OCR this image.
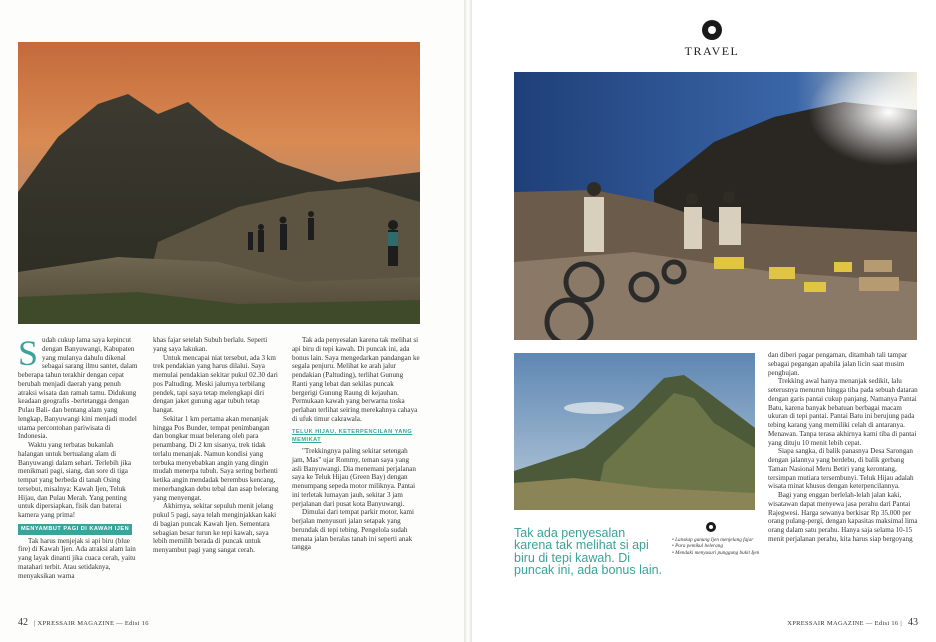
Sudah cukup lama saya kepincut dengan Banyuwangi, Kabupaten yang mulanya dahulu dikenal sebagai sarang ilmu santet, dalam beberapa tahun terakhir dengan cepat berubah menjadi daerah yang penuh atraksi wisata dan ramah tamu. Didukung keadaan geografis -bertetangga dengan Pulau Bali- dan bentang alam yang lengkap, Banyuwangi kini menjadi model utama percontohan pariwisata di Indonesia.

Waktu yang terbatas bukanlah halangan untuk bertualang alam di Banyuwangi dalam sehari. Terlebih jika menikmati pagi, siang, dan sore di tiga tempat yang berbeda di tanah Osing tersebut, misalnya: Kawah Ijen, Teluk Hijau, dan Pulau Merah. Yang penting untuk dipersiapkan, fisik dan baterai kamera yang prima!

MENYAMBUT PAGI DI KAWAH IJEN

Tak harus menjejak si api biru (blue fire) di Kawah Ijen. Ada atraksi alam lain yang layak dinanti jika cuaca cerah, yaitu matahari terbit. Atau setidaknya, menyaksikan warna

khas fajar setelah Subuh berlalu. Seperti yang saya lakukan.

Untuk mencapai niat tersebut, ada 3 km trek pendakian yang harus dilalui. Saya memulai pendakian sekitar pukul 02.30 dari pos Paltuding. Meski jalurnya terbilang pendek, tapi saya tetap melengkapi diri dengan jaket gunung agar tubuh tetap hangat.

Sekitar 1 km pertama akan menanjak hingga Pos Bunder, tempat penimbangan dan bongkar muat belerang oleh para penambang. Di 2 km sisanya, trek tidak terlalu menanjak. Namun kondisi yang terbuka menyebabkan angin yang dingin mudah menerpa tubuh. Saya sering berhenti ketika angin mendadak berembus kencang, menerbangkan debu tebal dan asap belerang yang menyengat.

Akhirnya, sekitar sepuluh menit jelang pukul 5 pagi, saya telah menginjakkan kaki di bagian puncak Kawah Ijen. Sementara sebagian besar turun ke tepi kawah, saya lebih memilih berada di puncak untuk menyambut pagi yang sangat cerah.

Tak ada penyesalan karena tak melihat si api biru di tepi kawah. Di puncak ini, ada bonus lain. Saya mengedarkan pandangan ke segala penjuru. Melihat ke arah jalur pendakian (Paltuding), terlihat Gunung Ranti yang lebat dan sekilas puncak bergerigi Gunung Raung di kejauhan. Permukaan kawah yang berwarna toska perlahan terlihat seiring merekahnya cahaya di ufuk timur cakrawala.

TELUK HIJAU, KETERPENCILAN YANG MEMIKAT

"Trekkingnya paling sekitar setengah jam, Mas" ujar Rommy, teman saya yang asli Banyuwangi. Dia menemani perjalanan saya ke Teluk Hijau (Green Bay) dengan menumpang sepeda motor miliknya. Pantai ini terletak lumayan jauh, sekitar 3 jam perjalanan dari pusat kota Banyuwangi.

Dimulai dari tempat parkir motor, kami berjalan menyusuri jalan setapak yang berundak di tepi tebing. Pengelola sudah menata jalan beralas tanah ini seperti anak tangga

42 | XPRESSAIR MAGAZINE — Edisi 16
TRAVEL
Tak ada penyesalan karena tak melihat si api biru di tepi kawah. Di puncak ini, ada bonus lain.
• Lanskap gunung Ijen menjelang fajar
• Para pemikul belerang
• Mendaki menyusuri punggung bukit Ijen

dan diberi pagar pengaman, ditambah tali tampar sebagai pegangan apabila jalan licin saat musim penghujan.

Trekking awal hanya menanjak sedikit, lalu seterusnya menurun hingga tiba pada sebuah dataran dengan garis pantai cukup panjang. Namanya Pantai Batu, karena banyak bebatuan berbagai macam ukuran di tepi pantai. Pantai Batu ini berujung pada tebing karang yang memiliki celah di antaranya. Menawan. Tanpa terasa akhirnya kami tiba di pantai yang dituju 10 menit lebih cepat.

Siapa sangka, di balik panasnya Desa Sarongan dengan jalannya yang berdebu, di balik gerbang Taman Nasional Meru Betiri yang kerontang, tersimpan mutiara tersembunyi. Teluk Hijau adalah wisata minat khusus dengan keterpencilannya.

Bagi yang enggan berlelah-lelah jalan kaki, wisatawan dapat menyewa jasa perahu dari Pantai Rajegwesi. Harga sewanya berkisar Rp 35.000 per orang pulang-pergi, dengan kapasitas maksimal lima orang dalam satu perahu. Hanya saja selama 10-15 menit perjalanan perahu, kita harus siap bergoyang

XPRESSAIR MAGAZINE — Edisi 16 | 43
